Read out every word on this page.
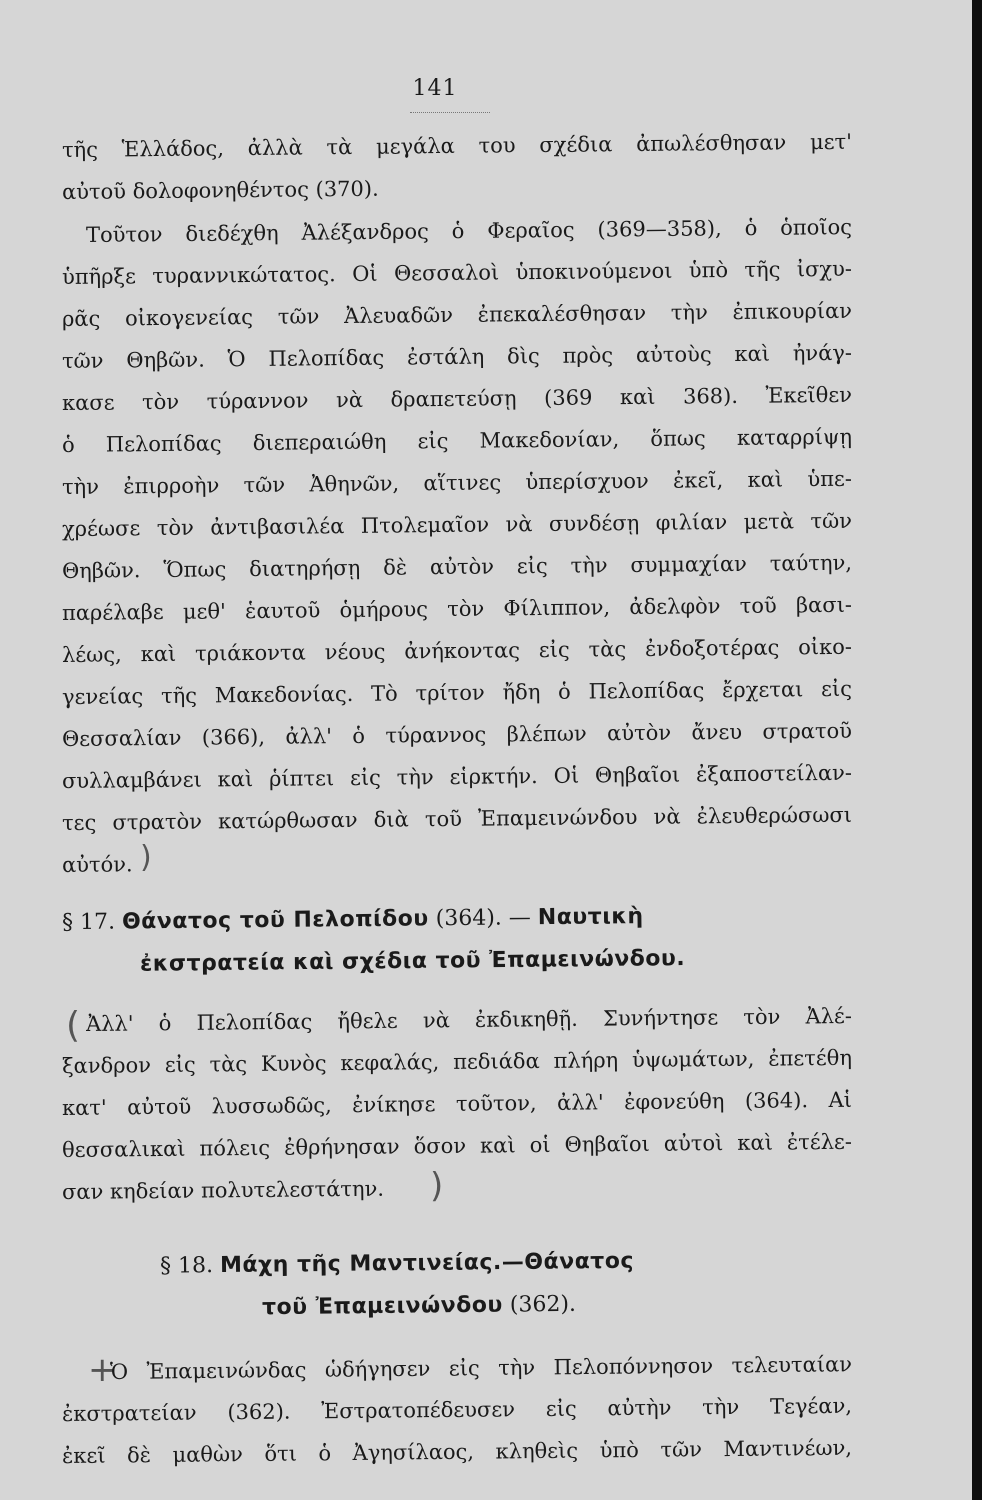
141
τῆς Ἑλλάδος, ἀλλὰ τὰ μεγάλα του σχέδια ἀπωλέσθησαν μετ'
αὐτοῦ δολοφονηθέντος (370).
Τοῦτον διεδέχθη Ἀλέξανδρος ὁ Φεραῖος (369—358), ὁ ὁποῖος
ὑπῆρξε τυραννικώτατος. Οἱ Θεσσαλοὶ ὑποκινούμενοι ὑπὸ τῆς ἰσχυ-
ρᾶς οἰκογενείας τῶν Ἀλευαδῶν ἐπεκαλέσθησαν τὴν ἐπικουρίαν
τῶν Θηβῶν. Ὁ Πελοπίδας ἐστάλη δὶς πρὸς αὐτοὺς καὶ ἠνάγ-
κασε τὸν τύραννον νὰ δραπετεύσῃ (369 καὶ 368). Ἐκεῖθεν
ὁ Πελοπίδας διεπεραιώθη εἰς Μακεδονίαν, ὅπως καταρρίψῃ
τὴν ἐπιρροὴν τῶν Ἀθηνῶν, αἵτινες ὑπερίσχυον ἐκεῖ, καὶ ὑπε-
χρέωσε τὸν ἀντιβασιλέα Πτολεμαῖον νὰ συνδέσῃ φιλίαν μετὰ τῶν
Θηβῶν. Ὅπως διατηρήσῃ δὲ αὐτὸν εἰς τὴν συμμαχίαν ταύτην,
παρέλαβε μεθ' ἑαυτοῦ ὁμήρους τὸν Φίλιππον, ἀδελφὸν τοῦ βασι-
λέως, καὶ τριάκοντα νέους ἀνήκοντας εἰς τὰς ἐνδοξοτέρας οἰκο-
γενείας τῆς Μακεδονίας. Τὸ τρίτον ἤδη ὁ Πελοπίδας ἔρχεται εἰς
Θεσσαλίαν (366), ἀλλ' ὁ τύραννος βλέπων αὐτὸν ἄνευ στρατοῦ
συλλαμβάνει καὶ ῥίπτει εἰς τὴν εἱρκτήν. Οἱ Θηβαῖοι ἐξαποστείλαν-
τες στρατὸν κατώρθωσαν διὰ τοῦ Ἐπαμεινώνδου νὰ ἐλευθερώσωσι
αὐτόν. )
§ 17. Θάνατος τοῦ Πελοπίδου (364). — Ναυτικὴ
ἐκστρατεία καὶ σχέδια τοῦ Ἐπαμεινώνδου.
( Ἀλλ' ὁ Πελοπίδας ἤθελε νὰ ἐκδικηθῇ. Συνήντησε τὸν Ἀλέ-
ξανδρον εἰς τὰς Κυνὸς κεφαλάς, πεδιάδα πλήρη ὑψωμάτων, ἐπετέθη
κατ' αὐτοῦ λυσσωδῶς, ἐνίκησε τοῦτον, ἀλλ' ἐφονεύθη (364). Αἱ
θεσσαλικαὶ πόλεις ἐθρήνησαν ὅσον καὶ οἱ Θηβαῖοι αὐτοὶ καὶ ἐτέλε-
σαν κηδείαν πολυτελεστάτην.	)
§ 18. Μάχη τῆς Μαντινείας.—Θάνατος
τοῦ Ἐπαμεινώνδου (362).
+
Ὁ Ἐπαμεινώνδας ὡδήγησεν εἰς τὴν Πελοπόννησον τελευταίαν
ἐκστρατείαν (362). Ἐστρατοπέδευσεν εἰς αὐτὴν τὴν Τεγέαν,
ἐκεῖ δὲ μαθὼν ὅτι ὁ Ἀγησίλαος, κληθεὶς ὑπὸ τῶν Μαντινέων,
